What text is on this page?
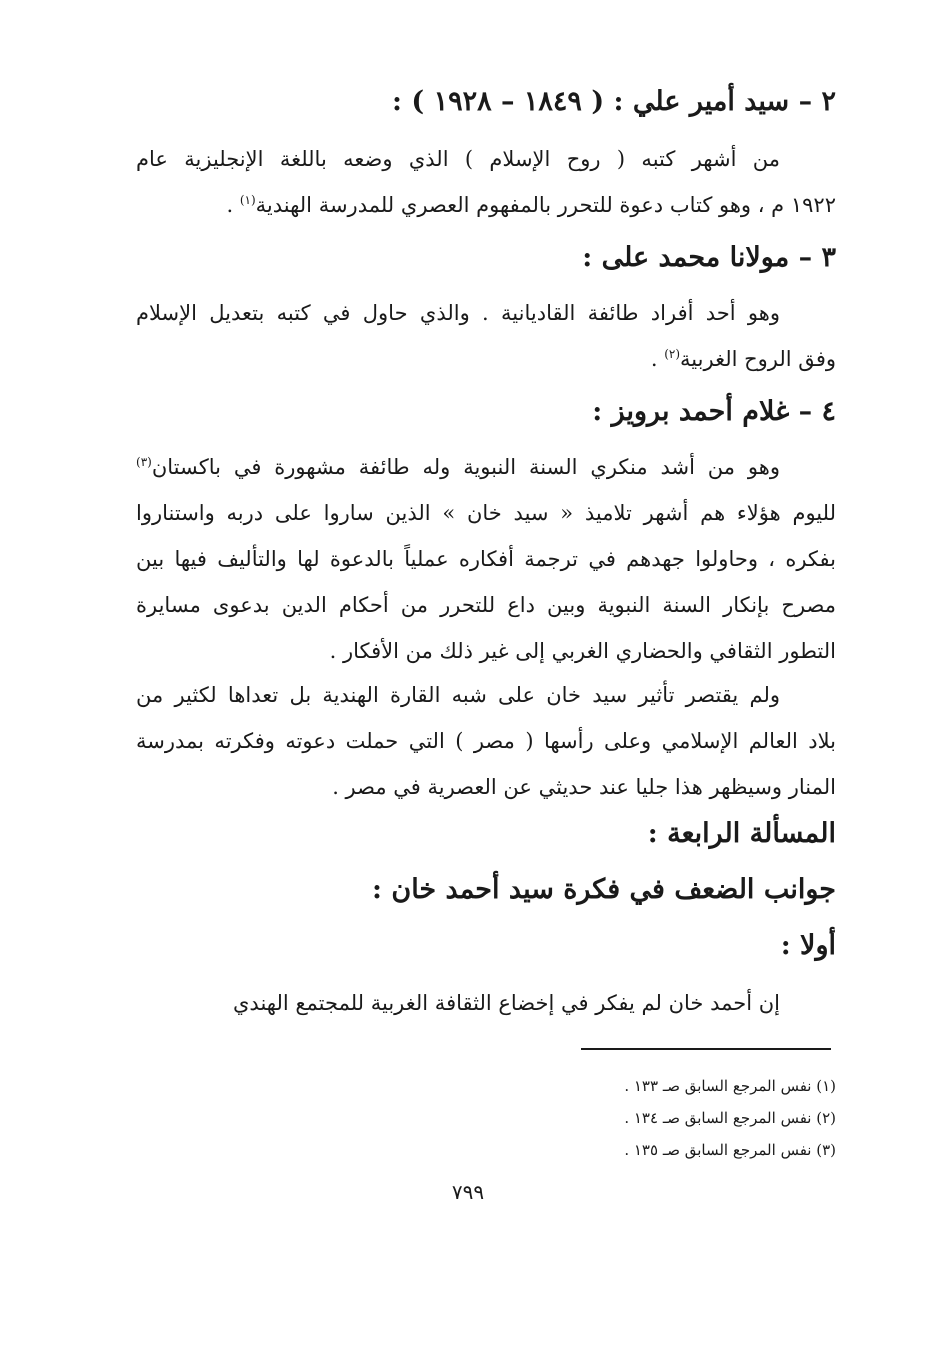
٢ – سيد أمير علي : ( ١٨٤٩ – ١٩٢٨ ) :
من أشهر كتبه ( روح الإسلام ) الذي وضعه باللغة الإنجليزية عام
١٩٢٢ م ، وهو كتاب دعوة للتحرر بالمفهوم العصري للمدرسة الهندية$^{(١)}$ .
٣ – مولانا محمد على :
وهو أحد أفراد طائفة القاديانية . والذي حاول في كتبه بتعديل الإسلام
وفق الروح الغربية$^{(٢)}$ .
٤ – غلام أحمد برويز :
وهو من أشد منكري السنة النبوية وله طائفة مشهورة في باكستان$^{(٣)}$
لليوم هؤلاء هم أشهر تلاميذ « سيد خان » الذين ساروا على دربه واستناروا
بفكره ، وحاولوا جهدهم في ترجمة أفكاره عملياً بالدعوة لها والتأليف فيها بين
مصرح بإنكار السنة النبوية وبين داع للتحرر من أحكام الدين بدعوى مسايرة
التطور الثقافي والحضاري الغربي إلى غير ذلك من الأفكار .
ولم يقتصر تأثير سيد خان على شبه القارة الهندية بل تعداها لكثير من
بلاد العالم الإسلامي وعلى رأسها ( مصر ) التي حملت دعوته وفكرته بمدرسة
المنار وسيظهر هذا جليا عند حديثي عن العصرية في مصر .
المسألة الرابعة :
جوانب الضعف في فكرة سيد أحمد خان :
أولا :
إن أحمد خان لم يفكر في إخضاع الثقافة الغربية للمجتمع الهندي
(١) نفس المرجع السابق صـ ١٣٣ .
(٢) نفس المرجع السابق صـ ١٣٤ .
(٣) نفس المرجع السابق صـ ١٣٥ .
٧٩٩
